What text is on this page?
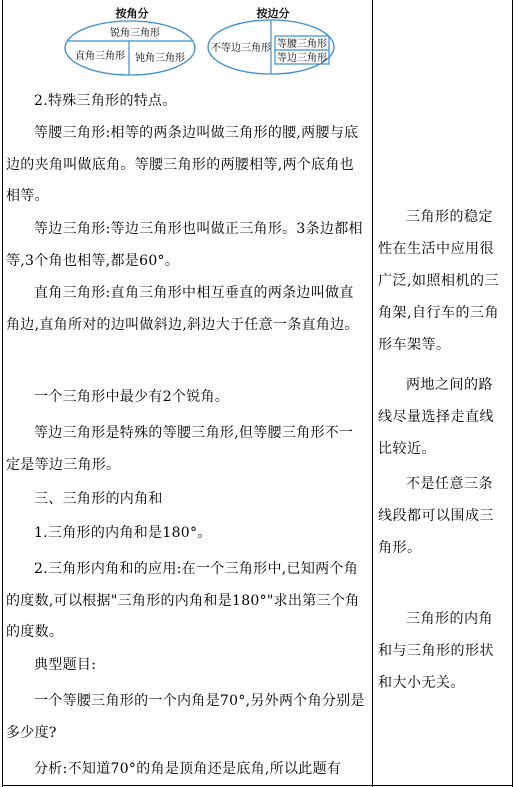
按角分
锐角三角形
直角三角形 钝角三角形
按边分
不等边三角形 等腰三角形
等边三角形

2.特殊三角形的特点。

等腰三角形:相等的两条边叫做三角形的腰,两腰与底边的夹角叫做底角。等腰三角形的两腰相等,两个底角也相等。

等边三角形:等边三角形也叫做正三角形。3条边都相等,3个角也相等,都是60°。

直角三角形:直角三角形中相互垂直的两条边叫做直角边,直角所对的边叫做斜边,斜边大于任意一条直角边。

一个三角形中最少有2个锐角。

等边三角形是特殊的等腰三角形,但等腰三角形不一定是等边三角形。

三、三角形的内角和

1.三角形的内角和是180°。

2.三角形内角和的应用:在一个三角形中,已知两个角的度数,可以根据"三角形的内角和是180°"求出第三个角的度数。

典型题目:

一个等腰三角形的一个内角是70°,另外两个角分别是多少度?

分析:不知道70°的角是顶角还是底角,所以此题有

三角形的稳定性在生活中应用很广泛,如照相机的三角架,自行车的三角形车架等。

两地之间的路线尽量选择走直线比较近。

不是任意三条线段都可以围成三角形。

三角形的内角和与三角形的形状和大小无关。
